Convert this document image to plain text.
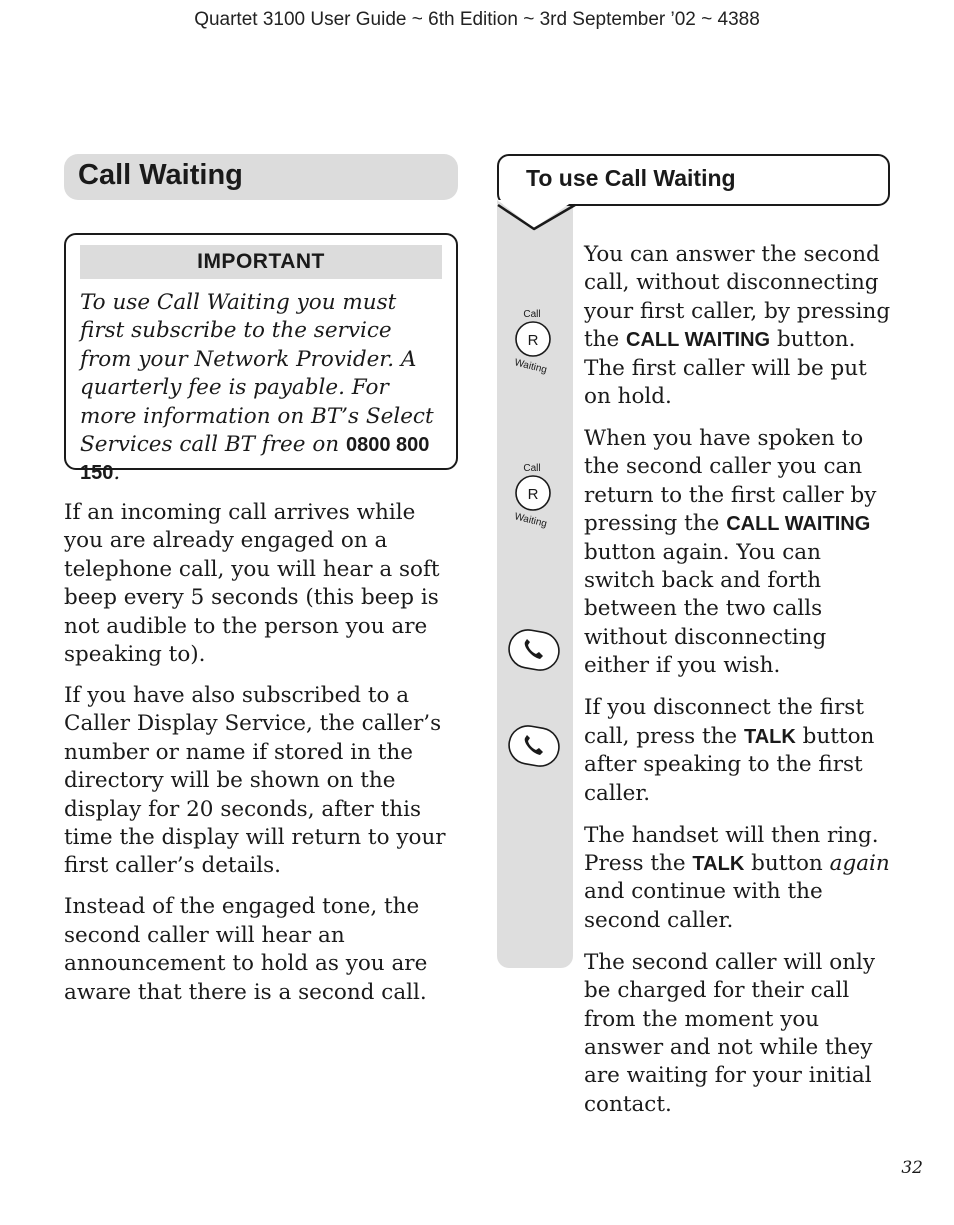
Quartet 3100 User Guide ~ 6th Edition ~ 3rd September ’02 ~ 4388
Call Waiting
IMPORTANT
To use Call Waiting you must first subscribe to the service from your Network Provider. A quarterly fee is payable. For more information on BT’s Select Services call BT free on 0800 800 150.

If an incoming call arrives while you are already engaged on a telephone call, you will hear a soft beep every 5 seconds (this beep is not audible to the person you are speaking to).

If you have also subscribed to a Caller Display Service, the caller’s number or name if stored in the directory will be shown on the display for 20 seconds, after this time the display will return to your first caller’s details.

Instead of the engaged tone, the second caller will hear an announcement to hold as you are aware that there is a second call.

To use Call Waiting
Call
R
Waiting
Call
R
Waiting

You can answer the second call, without disconnecting your first caller, by pressing the CALL WAITING button. The first caller will be put on hold.

When you have spoken to the second caller you can return to the first caller by pressing the CALL WAITING button again. You can switch back and forth between the two calls without disconnecting either if you wish.

If you disconnect the first call, press the TALK button after speaking to the first caller.

The handset will then ring. Press the TALK button again and continue with the second caller.

The second caller will only be charged for their call from the moment you answer and not while they are waiting for your initial contact.

32
